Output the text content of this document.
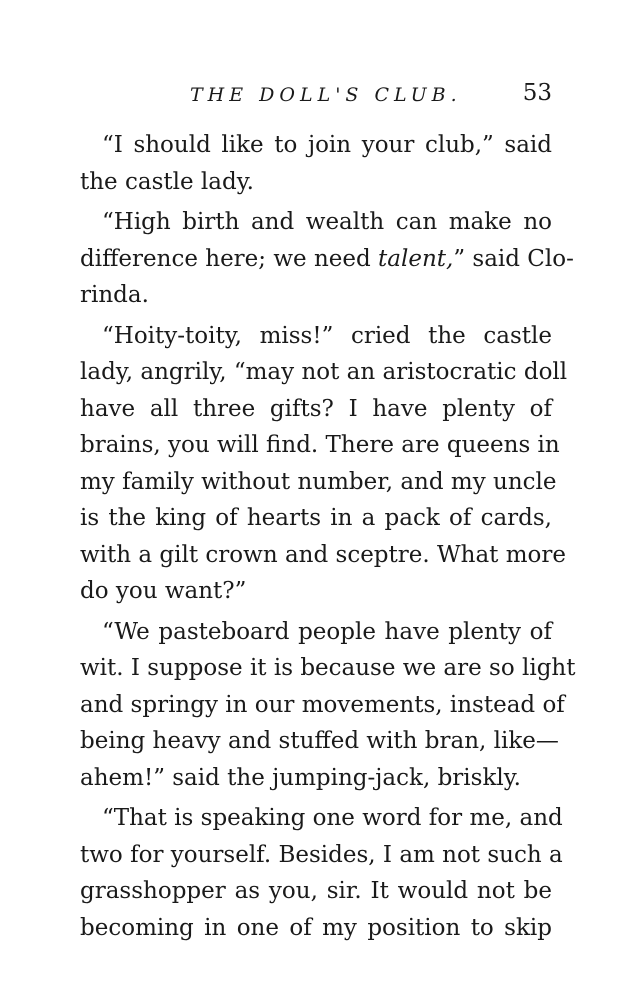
THE DOLL'S CLUB.	53
“I should like to join your club,” said
the castle lady.
“High birth and wealth can make no
difference here; we need talent,” said Clo-
rinda.
“Hoity-toity, miss!” cried the castle
lady, angrily, “may not an aristocratic doll
have all three gifts? I have plenty of
brains, you will find. There are queens in
my family without number, and my uncle
is the king of hearts in a pack of cards,
with a gilt crown and sceptre. What more
do you want?”
“We pasteboard people have plenty of
wit. I suppose it is because we are so light
and springy in our movements, instead of
being heavy and stuffed with bran, like—
ahem!” said the jumping-jack, briskly.
“That is speaking one word for me, and
two for yourself. Besides, I am not such a
grasshopper as you, sir. It would not be
becoming in one of my position to skip
